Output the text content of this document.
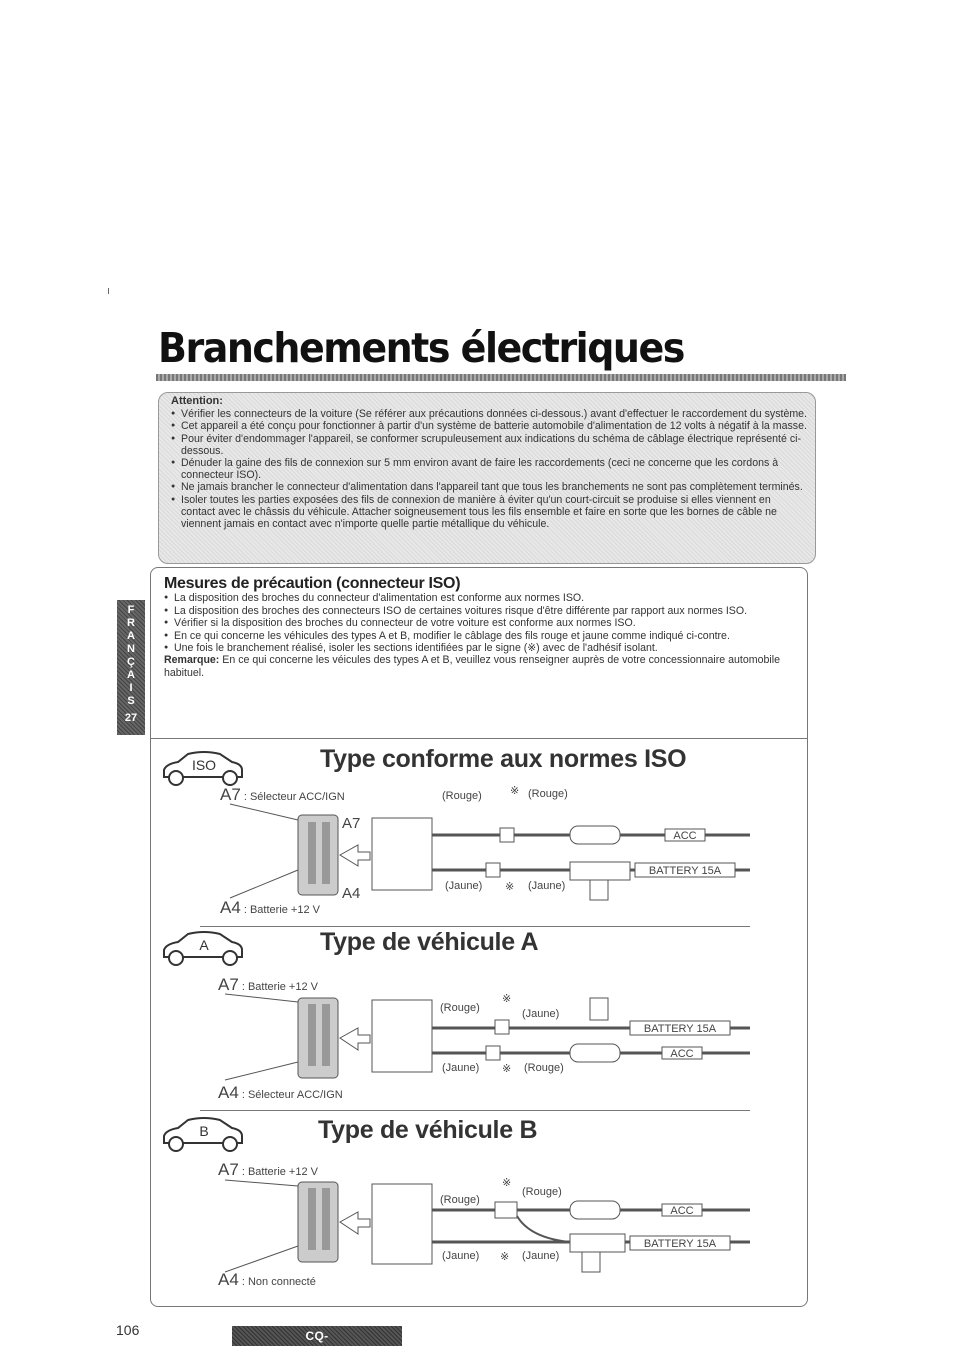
Branchements électriques
Attention:
● Vérifier les connecteurs de la voiture (Se référer aux précautions données ci-dessous.) avant d'effectuer le raccordement du système.
● Cet appareil a été conçu pour fonctionner à partir d'un système de batterie automobile d'alimentation de 12 volts à négatif à la masse.
● Pour éviter d'endommager l'appareil, se conformer scrupuleusement aux indications du schéma de câblage électrique représenté ci-dessous.
● Dénuder la gaine des fils de connexion sur 5 mm environ avant de faire les raccordements (ceci ne concerne que les cordons à connecteur ISO).
● Ne jamais brancher le connecteur d'alimentation dans l'appareil tant que tous les branchements ne sont pas complètement terminés.
● Isoler toutes les parties exposées des fils de connexion de manière à éviter qu'un court-circuit se produise si elles viennent en contact avec le châssis du véhicule. Attacher soigneusement tous les fils ensemble et faire en sorte que les bornes de câble ne viennent jamais en contact avec n'importe quelle partie métallique du véhicule.
F
R
A
N
Ç
A
I
S
27
Mesures de précaution (connecteur ISO)
● La disposition des broches du connecteur d'alimentation est conforme aux normes ISO.
● La disposition des broches des connecteurs ISO de certaines voitures risque d'être différente par rapport aux normes ISO.
● Vérifier si la disposition des broches du connecteur de votre voiture est conforme aux normes ISO.
● En ce qui concerne les véhicules des types A et B, modifier le câblage des fils rouge et jaune comme indiqué ci-contre.
● Une fois le branchement réalisé, isoler les sections identifiées par le signe (※) avec de l'adhésif isolant.
Remarque: En ce qui concerne les véicules des types A et B, veuillez vous renseigner auprès de votre concessionnaire automobile habituel.
ISO	Type conforme aux normes ISO
A7 : Sélecteur ACC/IGN
A4 : Batterie +12 V
A7
A4
ACC
BATTERY 15A
(Rouge)	※ (Rouge)
(Jaune) ※ (Jaune)
A	Type de véhicule A
A7 : Batterie +12 V
A4 : Sélecteur ACC/IGN
BATTERY 15A
ACC
(Rouge)
※
(Jaune)
(Jaune) ※ (Rouge)
B	Type de véhicule B
A7 : Batterie +12 V
A4 : Non connecté
ACC
BATTERY 15A
(Rouge)
※
(Rouge)
(Jaune) ※ (Jaune)
106	CQ-DFX751/DFX701/DFX601N
